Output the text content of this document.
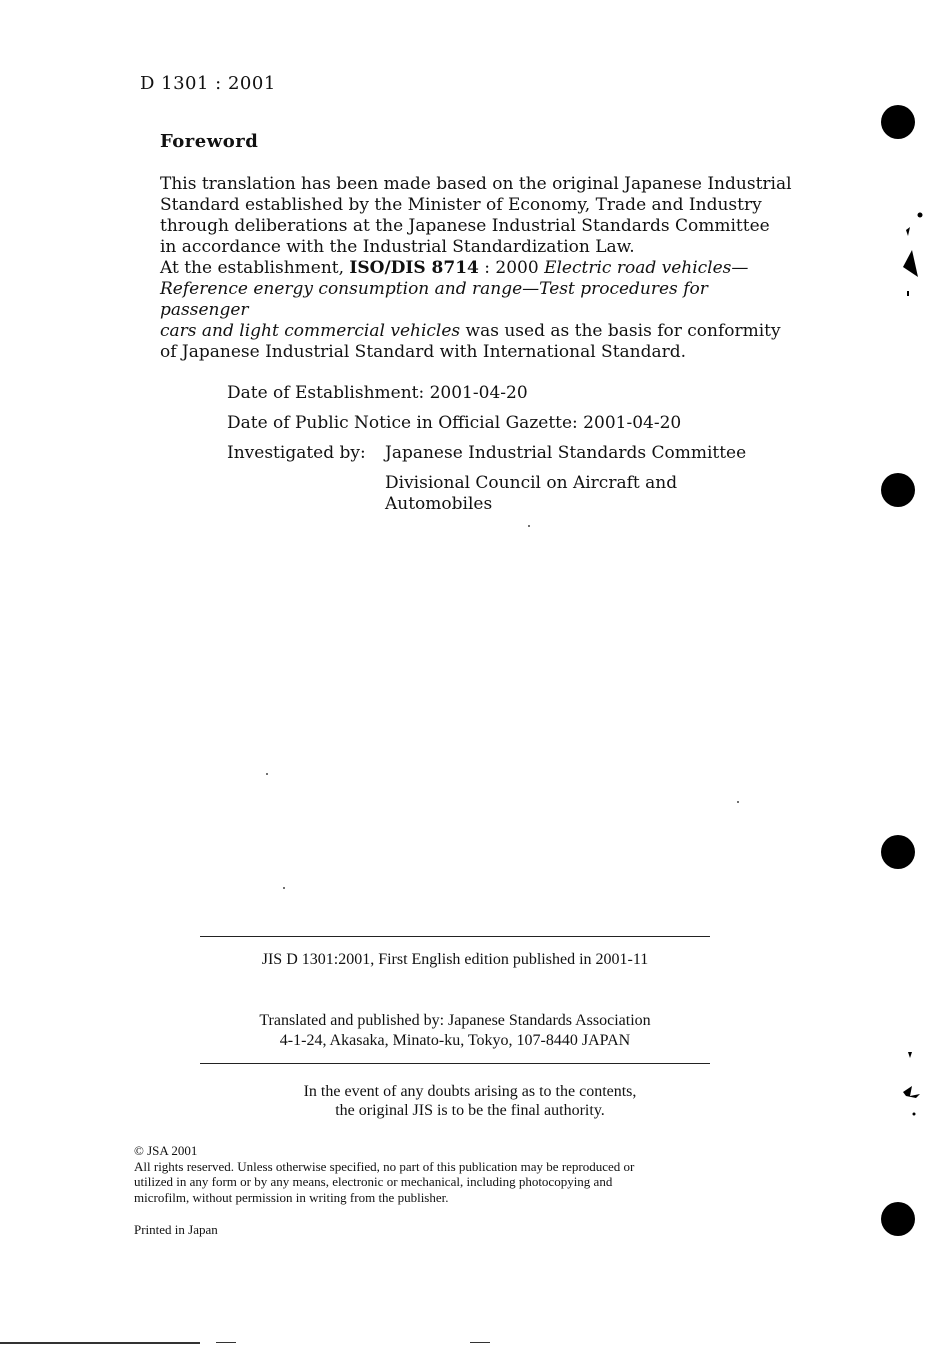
D 1301 : 2001
Foreword

This translation has been made based on the original Japanese Industrial

Standard established by the Minister of Economy, Trade and Industry

through deliberations at the Japanese Industrial Standards Committee

in accordance with the Industrial Standardization Law.

At the establishment, ISO/DIS 8714 : 2000 Electric road vehicles—

Reference energy consumption and range—Test procedures for passenger

cars and light commercial vehicles was used as the basis for conformity

of Japanese Industrial Standard with International Standard.

Date of Establishment: 2001-04-20
Date of Public Notice in Official Gazette: 2001-04-20
Investigated by: Japanese Industrial Standards Committee
Divisional Council on Aircraft and
Automobiles
JIS D 1301:2001, First English edition published in 2001-11
Translated and published by: Japanese Standards Association
4-1-24, Akasaka, Minato-ku, Tokyo, 107-8440 JAPAN
In the event of any doubts arising as to the contents,
the original JIS is to be the final authority.
© JSA 2001
All rights reserved. Unless otherwise specified, no part of this publication may be reproduced or
utilized in any form or by any means, electronic or mechanical, including photocopying and
microfilm, without permission in writing from the publisher.
Printed in Japan
